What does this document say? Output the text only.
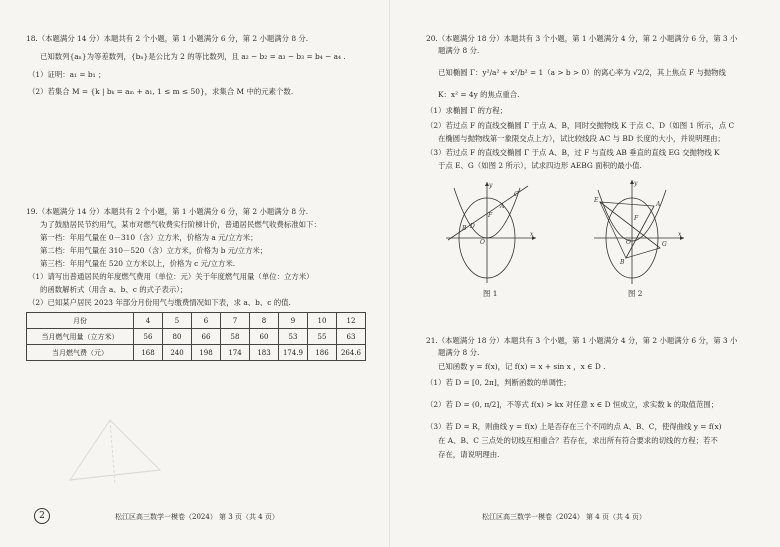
18.（本题满分 14 分）本题共有 2 个小题，第 1 小题满分 6 分，第 2 小题满分 8 分.
已知数列{aₙ}为等差数列，{bₙ}是公比为 2 的等比数列，且 a₂ − b₂ = a₃ − b₃ = b₄ − a₄ .
（1）证明：a₁ = b₁ ；
（2）若集合 M = {k | bₖ = aₘ + a₁, 1 ≤ m ≤ 50}，求集合 M 中的元素个数.
19.（本题满分 14 分）本题共有 2 个小题，第 1 小题满分 6 分，第 2 小题满分 8 分.
为了鼓励居民节约用气，某市对燃气收费实行阶梯计价，普通居民燃气收费标准如下：
第一档：年用气量在 0－310（含）立方米，价格为 a 元/立方米；
第二档：年用气量在 310－520（含）立方米，价格为 b 元/立方米；
第三档：年用气量在 520 立方米以上，价格为 c 元/立方米.
（1）请写出普通居民的年度燃气费用（单位：元）关于年度燃气用量（单位：立方米）
的函数解析式（用含 a、b、c 的式子表示）；
（2）已知某户居民 2023 年部分月份用气与缴费情况如下表，求 a、b、c 的值.
月份	4	5	6	7	8	9	10	12
当月燃气用量（立方米）	56	80	66	58	60	53	55	63
当月燃气费（元）	168	240	198	174	183	174.9	186	264.6
2	松江区高三数学一模卷（2024） 第 3 页（共 4 页）
20.（本题满分 18 分）本题共有 3 个小题，第 1 小题满分 4 分，第 2 小题满分 6 分，第 3 小
题满分 8 分.
已知椭圆 Γ：y²/a² + x²/b² = 1（a > b > 0）的离心率为 √2/2，其上焦点 F 与抛物线
K：x² = 4y 的焦点重合.
（1）求椭圆 Γ 的方程；
（2）若过点 F 的直线交椭圆 Γ 于点 A、B，同时交抛物线 K 于点 C、D（如图 1 所示，点 C
在椭圆与抛物线第一象限交点上方），试比较线段 AC 与 BD 长度的大小，并说明理由；
（3）若过点 F 的直线交椭圆 Γ 于点 A、B，过 F 与直线 AB 垂直的直线 EG 交抛物线 K
于点 E、G（如图 2 所示），试求四边形 AEBG 面积的最小值.
y
x
O
F
A
C
B D
图 1
y
x
O
E
A
G
B
F
图 2
21.（本题满分 18 分）本题共有 3 个小题，第 1 小题满分 4 分，第 2 小题满分 6 分，第 3 小
题满分 8 分.
已知函数 y = f(x)，记 f(x) = x + sin x ，x ∈ D .
（1）若 D = [0, 2π]，判断函数的单调性；
（2）若 D = (0, π/2]，不等式 f(x) > kx 对任意 x ∈ D 恒成立，求实数 k 的取值范围；
（3）若 D = R，则曲线 y = f(x) 上是否存在三个不同的点 A、B、C，使得曲线 y = f(x)
在 A、B、C 三点处的切线互相重合？若存在，求出所有符合要求的切线的方程；若不
存在，请说明理由.
松江区高三数学一模卷（2024） 第 4 页（共 4 页）
